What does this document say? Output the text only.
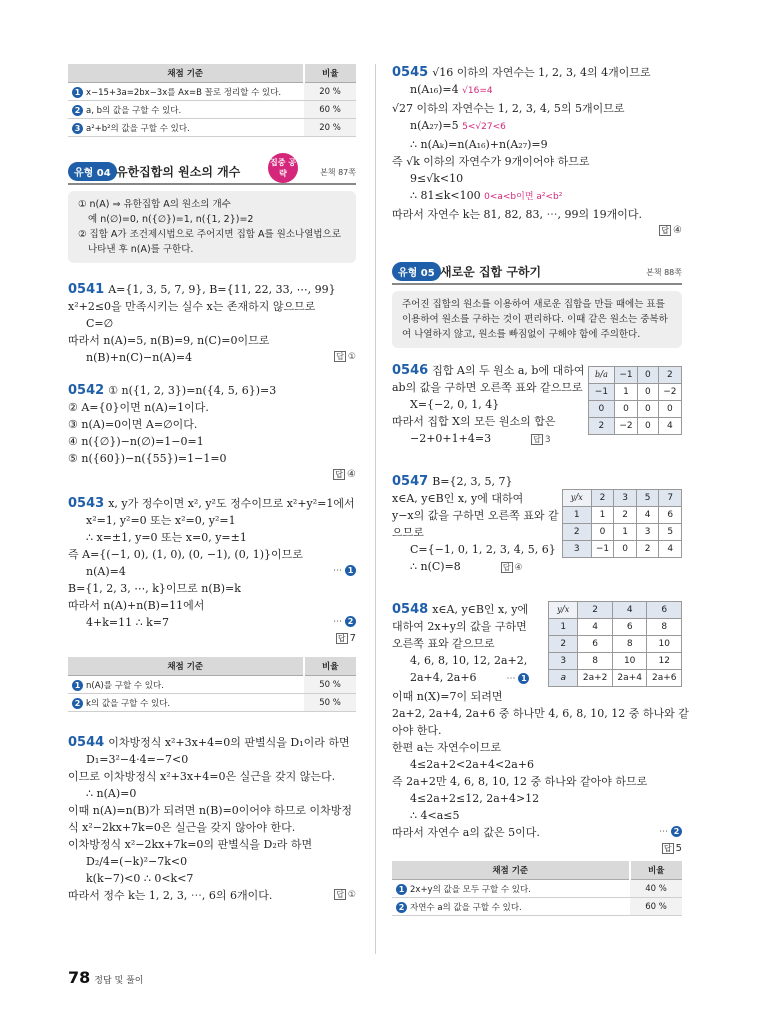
채점 기준	비율
1 x−15+3a=2bx−3x를 Ax=B 꼴로 정리할 수 있다.	20 %
2 a, b의 값을 구할 수 있다.	60 %
3 a²+b²의 값을 구할 수 있다.	20 %
유형 04 유한집합의 원소의 개수
집중 공략	본책 87쪽
① n(A) ⇒ 유한집합 A의 원소의 개수
예 n(∅)=0, n({∅})=1, n({1, 2})=2
② 집합 A가 조건제시법으로 주어지면 집합 A를 원소나열법으로
나타낸 후 n(A)를 구한다.
0541 A={1, 3, 5, 7, 9}, B={11, 22, 33, ⋯, 99}
x²+2≤0을 만족시키는 실수 x는 존재하지 않으므로
C=∅
따라서 n(A)=5, n(B)=9, n(C)=0이므로
n(B)+n(C)−n(A)=4	답 ①
0542 ① n({1, 2, 3})=n({4, 5, 6})=3
② A={0}이면 n(A)=1이다.
③ n(A)=0이면 A=∅이다.
④ n({∅})−n(∅)=1−0=1
⑤ n({60})−n({55})=1−1=0
답 ④
0543 x, y가 정수이면 x², y²도 정수이므로 x²+y²=1에서
x²=1, y²=0 또는 x²=0, y²=1
∴ x=±1, y=0 또는 x=0, y=±1
즉 A={(−1, 0), (1, 0), (0, −1), (0, 1)}이므로
n(A)=4	⋯ 1
B={1, 2, 3, ⋯, k}이므로 n(B)=k
따라서 n(A)+n(B)=11에서
4+k=11 ∴ k=7	⋯ 2
답 7
채점 기준	비율
1 n(A)를 구할 수 있다.	50 %
2 k의 값을 구할 수 있다.	50 %
0544 이차방정식 x²+3x+4=0의 판별식을 D₁이라 하면
D₁=3²−4·4=−7<0
이므로 이차방정식 x²+3x+4=0은 실근을 갖지 않는다.
∴ n(A)=0
이때 n(A)=n(B)가 되려면 n(B)=0이어야 하므로 이차방정
식 x²−2kx+7k=0은 실근을 갖지 않아야 한다.
이차방정식 x²−2kx+7k=0의 판별식을 D₂라 하면
D₂/4=(−k)²−7k<0
k(k−7)<0 ∴ 0<k<7
따라서 정수 k는 1, 2, 3, ⋯, 6의 6개이다.	답 ①
0545 √16 이하의 자연수는 1, 2, 3, 4의 4개이므로
n(A₁₆)=4 √16=4
√27 이하의 자연수는 1, 2, 3, 4, 5의 5개이므로
n(A₂₇)=5 5<√27<6
∴ n(Aₖ)=n(A₁₆)+n(A₂₇)=9
즉 √k 이하의 자연수가 9개이어야 하므로
9≤√k<10
∴ 81≤k<100 0<a<b이면 a²<b²
따라서 자연수 k는 81, 82, 83, ⋯, 99의 19개이다.
답 ④
유형 05 새로운 집합 구하기	본책 88쪽
주어진 집합의 원소를 이용하여 새로운 집합을 만들 때에는 표를
이용하여 원소를 구하는 것이 편리하다. 이때 같은 원소는 중복하
여 나열하지 않고, 원소를 빠짐없이 구해야 함에 주의한다.
0546 집합 A의 두 원소 a, b에 대하여
ab의 값을 구하면 오른쪽 표와 같으므로
X={−2, 0, 1, 4}
따라서 집합 X의 모든 원소의 합은
−2+0+1+4=3	답 3
b/a	−1	0	2
−1	1	0	−2
0	0	0	0
2	−2	0	4
0547 B={2, 3, 5, 7}
x∈A, y∈B인 x, y에 대하여
y−x의 값을 구하면 오른쪽 표와 같
으므로
C={−1, 0, 1, 2, 3, 4, 5, 6}
∴ n(C)=8	답 ④
y/x	2	3	5	7
1	1	2	4	6
2	0	1	3	5
3	−1	0	2	4
0548 x∈A, y∈B인 x, y에
대하여 2x+y의 값을 구하면
오른쪽 표와 같으므로
4, 6, 8, 10, 12, 2a+2,
2a+4, 2a+6	⋯ 1
이때 n(X)=7이 되려면
2a+2, 2a+4, 2a+6 중 하나만 4, 6, 8, 10, 12 중 하나와 같
아야 한다.
한편 a는 자연수이므로
4≤2a+2<2a+4<2a+6
즉 2a+2만 4, 6, 8, 10, 12 중 하나와 같아야 하므로
4≤2a+2≤12, 2a+4>12
∴ 4<a≤5
따라서 자연수 a의 값은 5이다.	⋯ 2
답 5
y/x	2	4	6
1	4	6	8
2	6	8	10
3	8	10	12
a	2a+2	2a+4	2a+6
채점 기준	비율
1 2x+y의 값을 모두 구할 수 있다.	40 %
2 자연수 a의 값을 구할 수 있다.	60 %
78 정답 및 풀이
